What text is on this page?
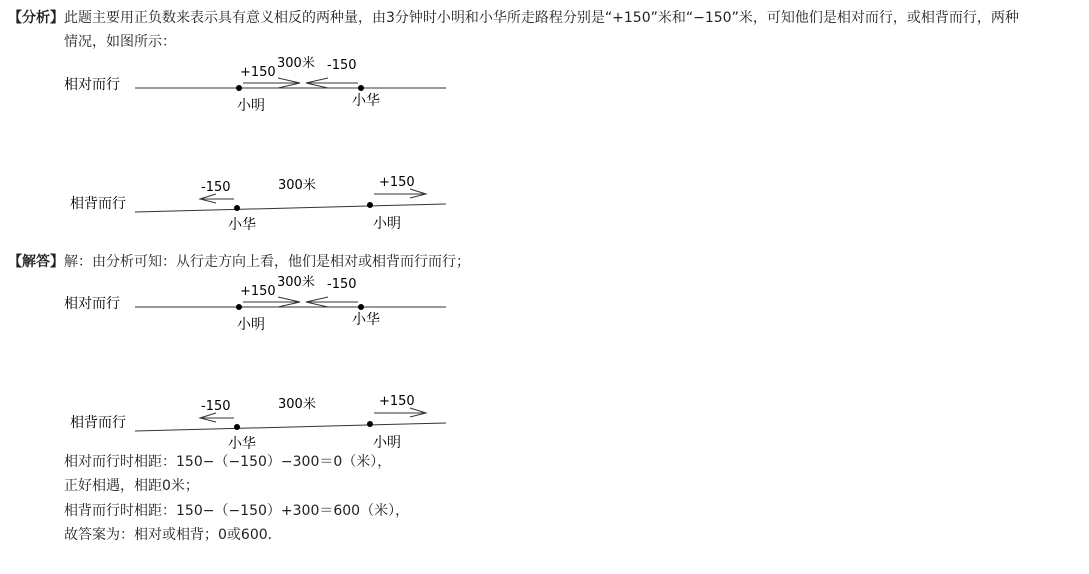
【分析】此题主要用正负数来表示具有意义相反的两种量，由3分钟时小明和小华所走路程分别是“+150”米和“−150”米，可知他们是相对而行，或相背而行，两种
情况，如图所示：
相对而行
+150
300米 -150
小明	小华
相背而行
-150	300米	+150
小华	小明
【解答】解：由分析可知：从行走方向上看，他们是相对或相背而行而行；
相对而行
+150
300米 -150
小明	小华
相背而行
-150	300米	+150
小华	小明
相对而行时相距：150−（−150）−300＝0（米），
正好相遇，相距0米；
相背而行时相距：150−（−150）+300＝600（米），
故答案为：相对或相背；0或600．
